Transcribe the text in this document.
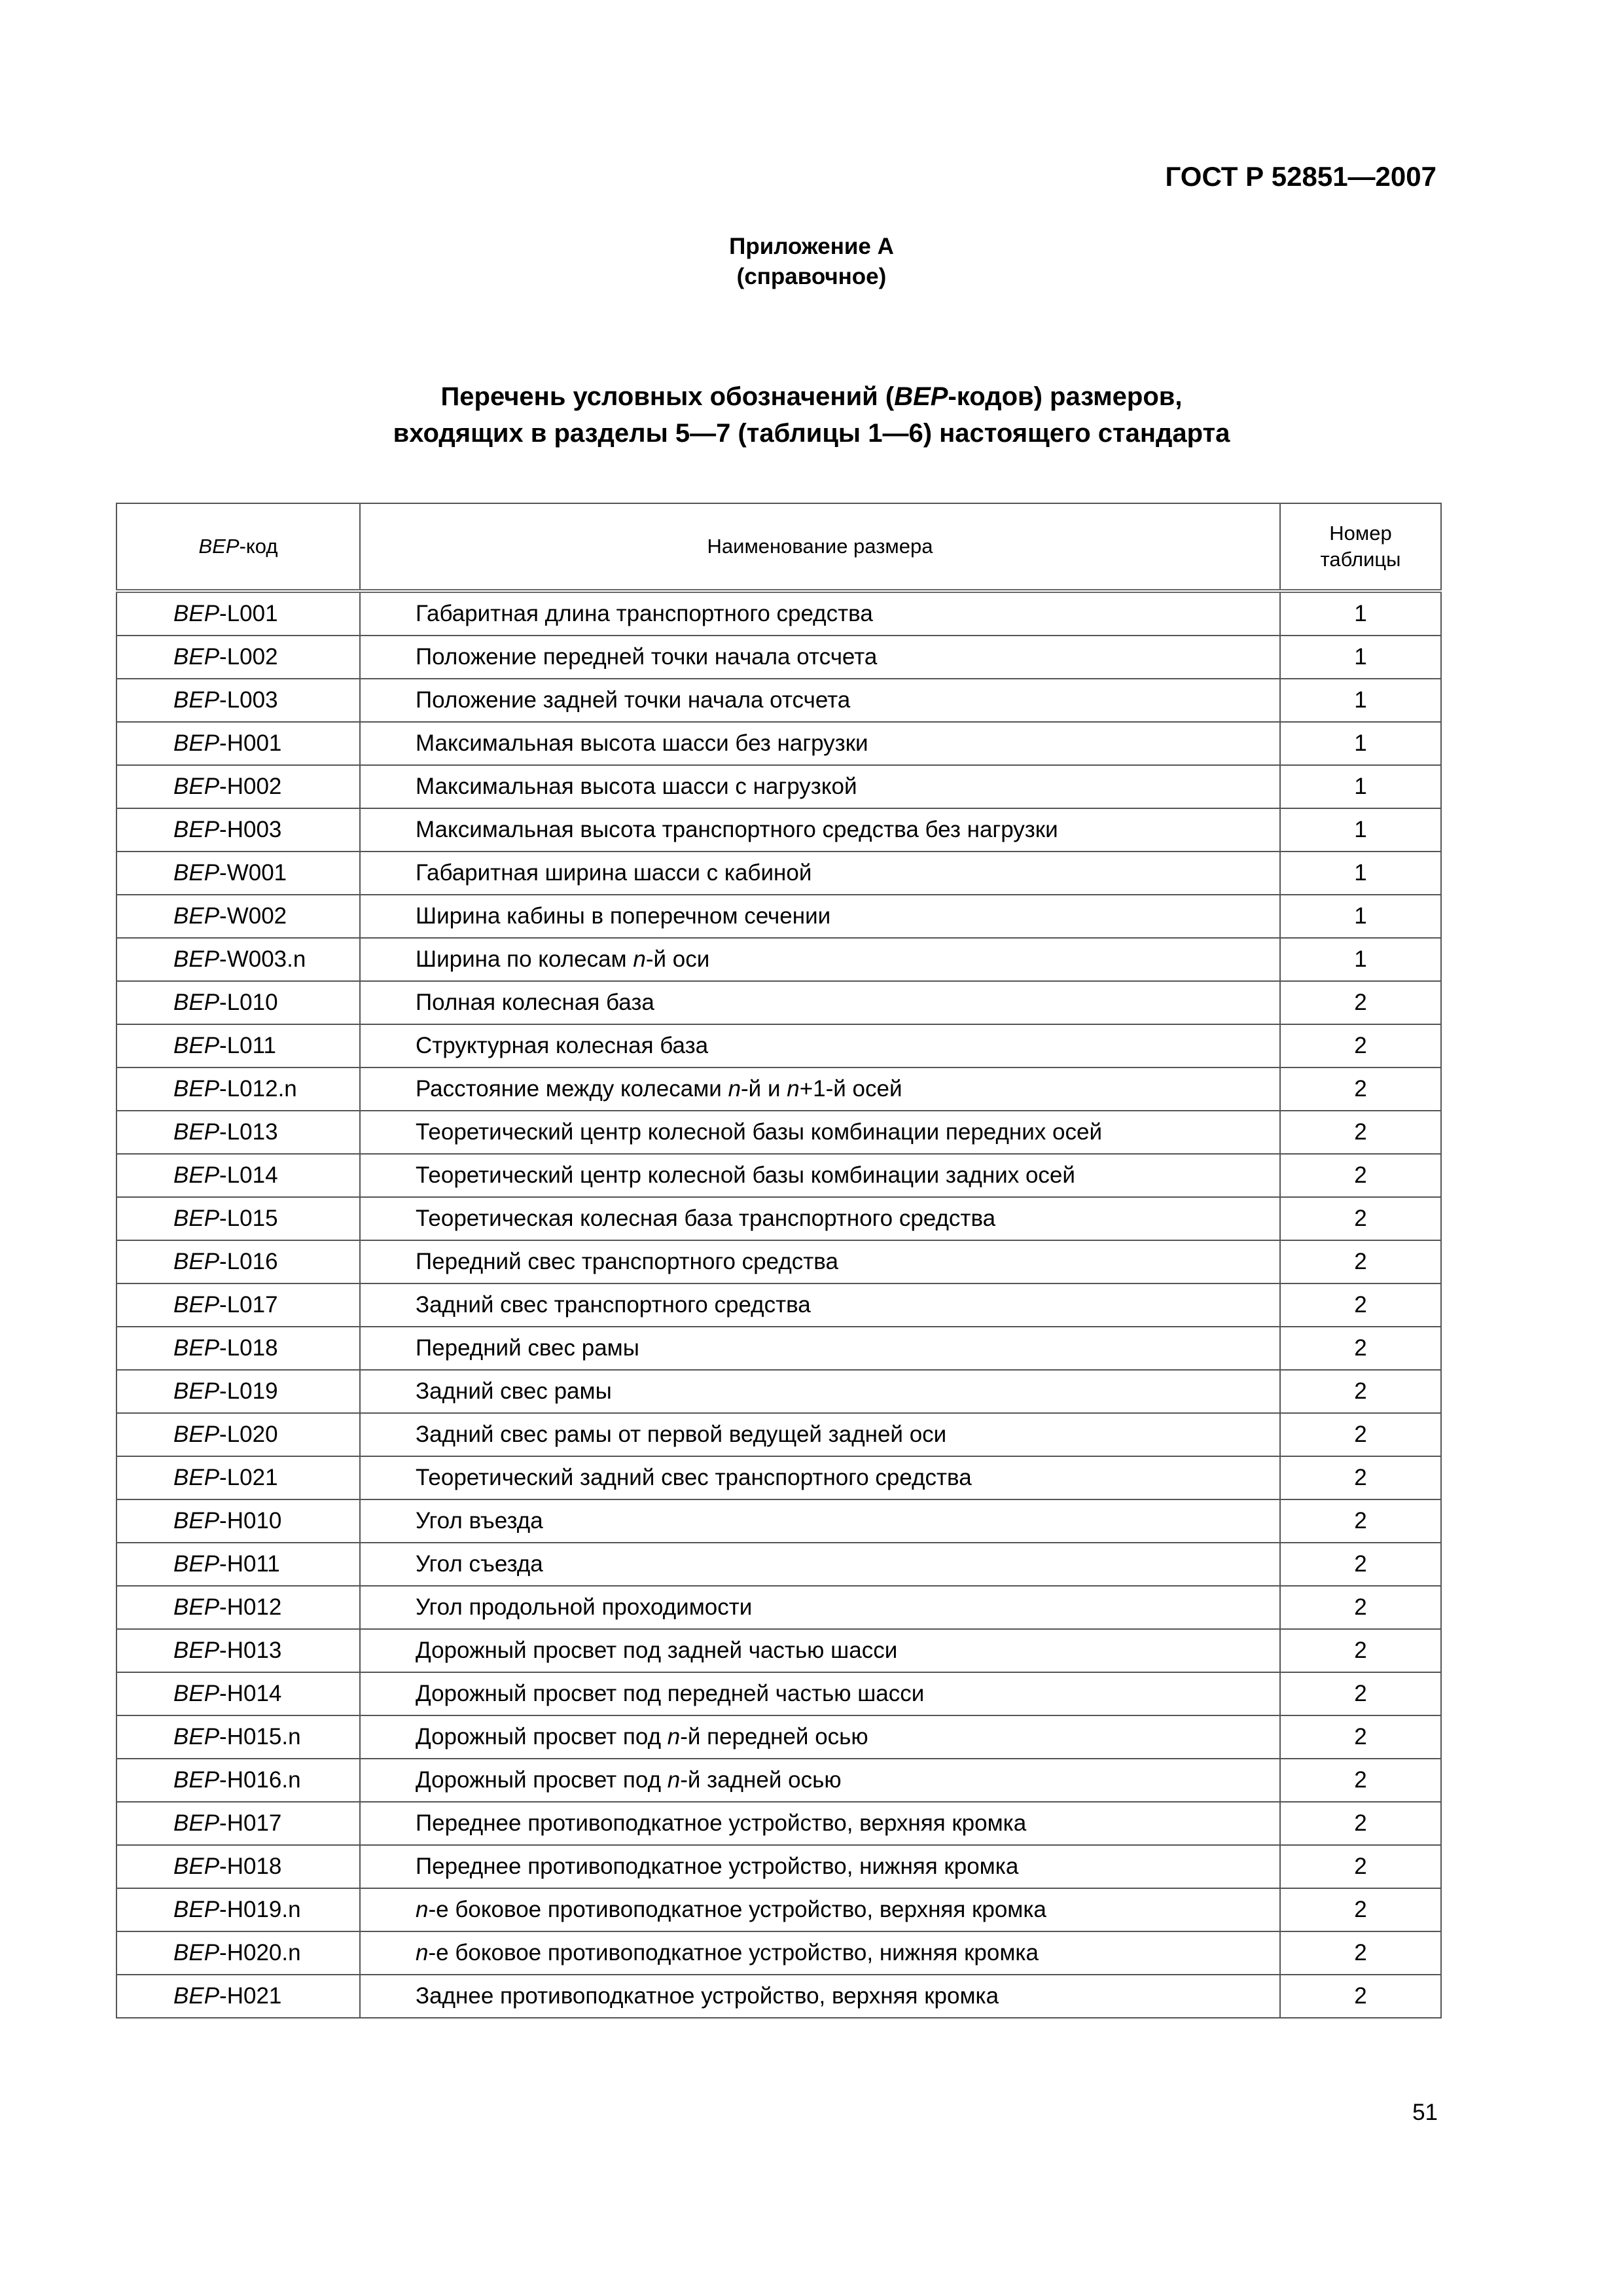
ГОСТ Р 52851—2007
Приложение А
(справочное)
Перечень условных обозначений (BEP-кодов) размеров,
входящих в разделы 5—7 (таблицы 1—6) настоящего стандарта
BEP-код	Наименование размера	Номер таблицы
BEP-L001	Габаритная длина транспортного средства	1
BEP-L002	Положение передней точки начала отсчета	1
BEP-L003	Положение задней точки начала отсчета	1
BEP-H001	Максимальная высота шасси без нагрузки	1
BEP-H002	Максимальная высота шасси с нагрузкой	1
BEP-H003	Максимальная высота транспортного средства без нагрузки	1
BEP-W001	Габаритная ширина шасси с кабиной	1
BEP-W002	Ширина кабины в поперечном сечении	1
BEP-W003.n	Ширина по колесам n-й оси	1
BEP-L010	Полная колесная база	2
BEP-L011	Структурная колесная база	2
BEP-L012.n	Расстояние между колесами n-й и n+1-й осей	2
BEP-L013	Теоретический центр колесной базы комбинации передних осей	2
BEP-L014	Теоретический центр колесной базы комбинации задних осей	2
BEP-L015	Теоретическая колесная база транспортного средства	2
BEP-L016	Передний свес транспортного средства	2
BEP-L017	Задний свес транспортного средства	2
BEP-L018	Передний свес рамы	2
BEP-L019	Задний свес рамы	2
BEP-L020	Задний свес рамы от первой ведущей задней оси	2
BEP-L021	Теоретический задний свес транспортного средства	2
BEP-H010	Угол въезда	2
BEP-H011	Угол съезда	2
BEP-H012	Угол продольной проходимости	2
BEP-H013	Дорожный просвет под задней частью шасси	2
BEP-H014	Дорожный просвет под передней частью шасси	2
BEP-H015.n	Дорожный просвет под n-й передней осью	2
BEP-H016.n	Дорожный просвет под n-й задней осью	2
BEP-H017	Переднее противоподкатное устройство, верхняя кромка	2
BEP-H018	Переднее противоподкатное устройство, нижняя кромка	2
BEP-H019.n	n-е боковое противоподкатное устройство, верхняя кромка	2
BEP-H020.n	n-е боковое противоподкатное устройство, нижняя кромка	2
BEP-H021	Заднее противоподкатное устройство, верхняя кромка	2
51
